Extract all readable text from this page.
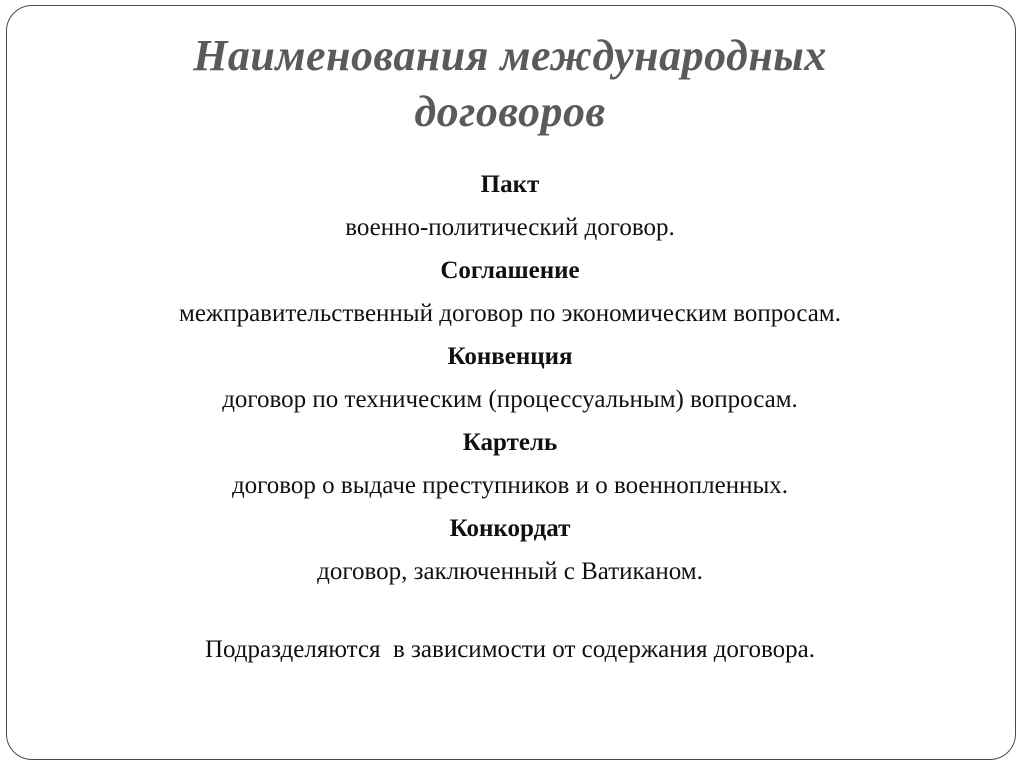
Наименования международных договоров
Пакт
военно-политический договор.
Соглашение
межправительственный договор по экономическим вопросам.
Конвенция
договор по техническим (процессуальным) вопросам.
Картель
договор о выдаче преступников и о военнопленных.
Конкордат
договор, заключенный с Ватиканом.
Подразделяются  в зависимости от содержания договора.
